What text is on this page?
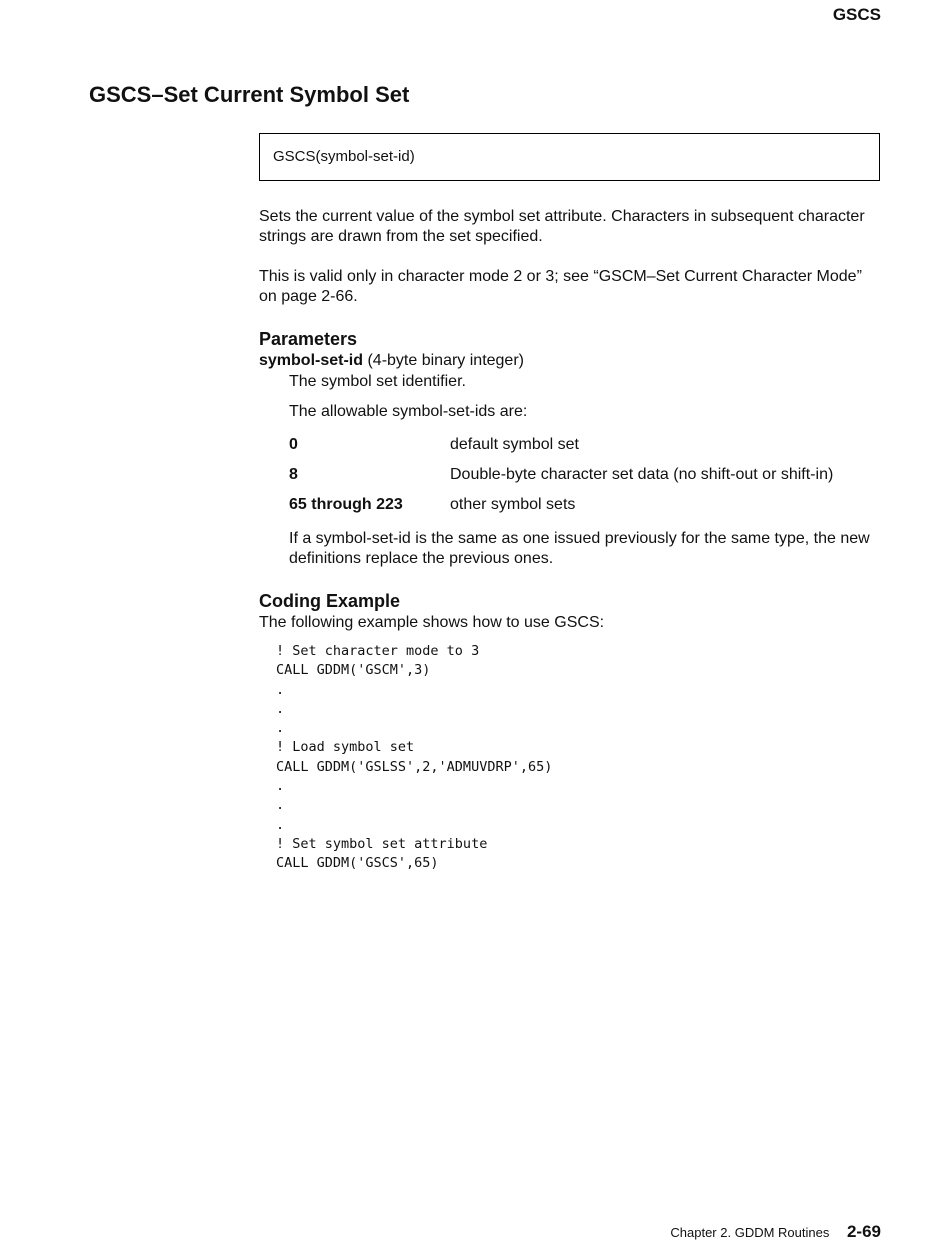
GSCS
GSCS–Set Current Symbol Set
GSCS(symbol-set-id)

Sets the current value of the symbol set attribute. Characters in subsequent character strings are drawn from the set specified.

This is valid only in character mode 2 or 3; see “GSCM–Set Current Character Mode” on page 2-66.

Parameters
symbol-set-id (4-byte binary integer)
The symbol set identifier.
The allowable symbol-set-ids are:
0	default symbol set
8	Double-byte character set data (no shift-out or shift-in)
65 through 223	other symbol sets
If a symbol-set-id is the same as one issued previously for the same type, the new definitions replace the previous ones.
Coding Example
The following example shows how to use GSCS:
! Set character mode to 3
CALL GDDM('GSCM',3)
.
.
.
! Load symbol set
CALL GDDM('GSLSS',2,'ADMUVDRP',65)
.
.
.
! Set symbol set attribute
CALL GDDM('GSCS',65)
Chapter 2. GDDM Routines 2-69
